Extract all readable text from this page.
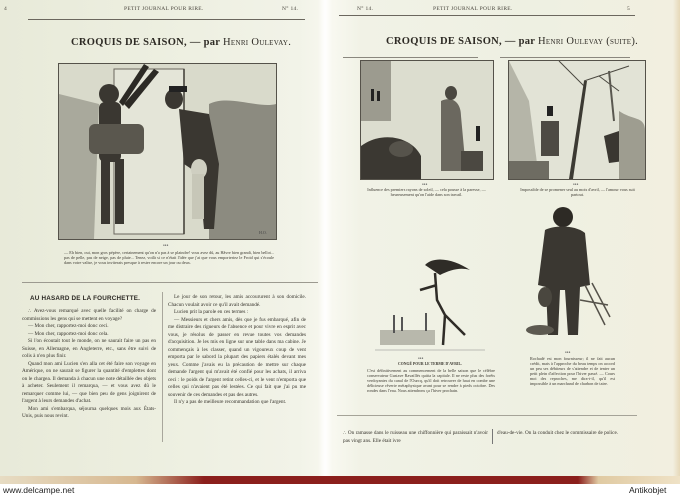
4	PETIT JOURNAL POUR RIRE.	N° 14.
CROQUIS DE SAISON, — par Henri Oulevay.
H.O.
●●●
— Eh bien, oui, mon gros pépère, certainement qu'on n'a pas à se plaindre! vous avez dû, au Hâvre bien grandi, bien bellot... pas de pelle, pas de neige, pas de pluie... Tenez, voilà si ce n'était l'idée que j'ai que vous emporteriez le Froid qui s'écoule dans votre valise, je vous inviterais presque à rester encore un jour ou deux.
AU HASARD DE LA FOURCHETTE.

∴ Avez-vous remarqué avec quelle facilité on charge de commissions les gens qui se mettent en voyage?

— Mon cher, rapportez-moi donc ceci.

— Mon cher, rapportez-moi donc cela.

Si l'on écoutait tout le monde, on ne saurait faire un pas en Suisse, en Allemagne, en Angleterre, etc., sans être suivi de colis à n'en plus finir.

Quand mon ami Lucien s'en alla cet été faire son voyage en Amérique, on ne saurait se figurer la quantité d'emplettes dont on le chargea. Il demanda à chacun une note détaillée des objets à acheter. Seulement il remarqua, — et vous avez dû le remarquer comme lui, — que bien peu de gens joignirent de l'argent à leurs demandes d'achat.

Mon ami s'embarqua, séjourna quelques mois aux États-Unis, puis nous revint.

Le jour de son retour, les amis accoururent à son domicile. Chacun voulait avoir ce qu'il avait demandé.

Lucien prit la parole en ces termes :

— Messieurs et chers amis, dès que je fus embarqué, afin de me distraire des rigueurs de l'absence et pour vivre en esprit avec vous, je résolus de passer en revue toutes vos demandes d'acquisition. Je les mis en ligne sur une table dans ma cabine. Je commençais à les classer, quand un vigoureux coup de vent emporta par le sabord la plupart des papiers étalés devant mes yeux. Comme j'avais eu la précaution de mettre sur chaque demande l'argent qui m'avait été confié pour les achats, il arriva ceci : le poids de l'argent retint celles-ci, et le vent n'emporta que celles qui n'avaient pas été lestées. Ce qui fait que j'ai pu me souvenir de ces demandes et pas des autres.

Il n'y a pas de meilleure recommandation que l'argent.

N° 14.	PETIT JOURNAL POUR RIRE.	5
CROQUIS DE SAISON, — par Henri Oulevay (suite).
●●●
Influence des premiers rayons de soleil, — cela pousse à la paresse, — heureusement qu'on l'aide dans son travail.
●●●
Impossible de se promener seul au mois d'avril, — l'amour vous suit partout.
●●●
CONGÉ POUR LE TERME D'AVRIL.
C'est définitivement au commencement de la belle saison que le célèbre conservateur Gustave Ravaillés quitta la capitale. Il ne reste plus des forêts verdoyantes du canal de l'Ourcq, qu'il doit retrouver de haut en combe une délicieuse rêverie métaphysique avant pour se rendre à pieds octobre. Des rondes dans l'eau. Nous attendrons ça l'hiver prochain.
●●●
Rochadé est mon fournisseur; il ne fait aucun crédit, mais à l'approche du beau temps on accord un peu ses débiteurs de s'attendre et de tenter un petit plein d'affection pour l'hiver passé. — Cours moi des reproches, me dira-t-il, qu'il est impossible à un marchand de charbon de taire.
∴ On ramasse dans le ruisseau une chiffonnière qui paraissait n'avoir pas vingt ans. Elle était ivre
d'eau-de-vie. On la conduit chez le commissaire de police.
www.delcampe.net	Antikobjet
